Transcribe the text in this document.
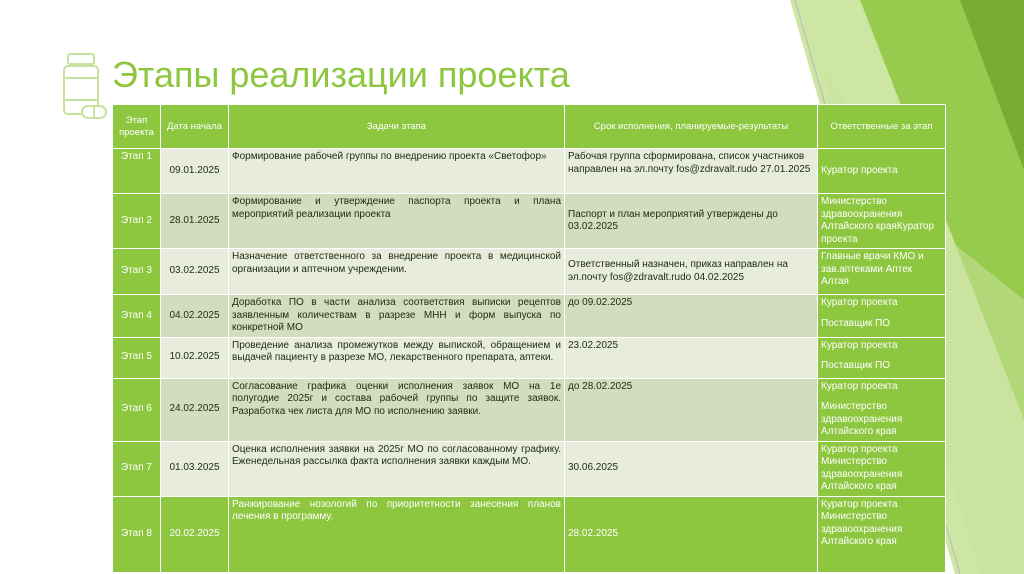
Этапы реализации проекта
Этап проекта	Дата начала	Задачи этапа	Срок исполнения, планируемые-результаты	Ответственные за этап
Этап 1	09.01.2025	Формирование рабочей группы по внедрению проекта «Светофор»	Рабочая группа сформирована, список участников направлен на эл.почту fos@zdravalt.rudo 27.01.2025	Куратор проекта

Этап 2	28.01.2025	Формирование и утверждение паспорта проекта и плана мероприятий реализации проекта	Паспорт и план мероприятий утверждены до 03.02.2025	Министерство здравоохранения Алтайского краяКуратор проекта

Этап 3	03.02.2025	Назначение ответственного за внедрение проекта в медицинской организации и аптечном учреждении.	Ответственный назначен, приказ направлен на эл.почту fos@zdravalt.rudo 04.02.2025	Главные врачи КМО и зав.аптеками Аптек Алтая

Этап 4	04.02.2025	Доработка ПО в части анализа соответствия выписки рецептов заявленным количествам в разрезе МНН и форм выпуска по конкретной МО	до 09.02.2025	Куратор проекта
Поставщик ПО

Этап 5	10.02.2025	Проведение анализа промежутков между выпиской, обращением и выдачей пациенту в разрезе МО, лекарственного препарата, аптеки.	23.02.2025	Куратор проекта
Поставщик ПО

Этап 6	24.02.2025	Согласование графика оценки исполнения заявок МО на 1е полугодие 2025г и состава рабочей группы по защите заявок. Разработка чек листа для МО по исполнению заявки.	до 28.02.2025	Куратор проекта
Министерство здравоохранения Алтайского края

Этап 7	01.03.2025	Оценка исполнения заявки на 2025г МО по согласованному графику. Еженедельная рассылка факта исполнения заявки каждым МО.	30.06.2025	Куратор проекта Министерство здравоохранения Алтайского края

Этап 8	20.02.2025	Ранжирование нозологий по приоритетности занесения планов лечения в программу.	28.02.2025	Куратор проекта Министерство здравоохранения Алтайского края
